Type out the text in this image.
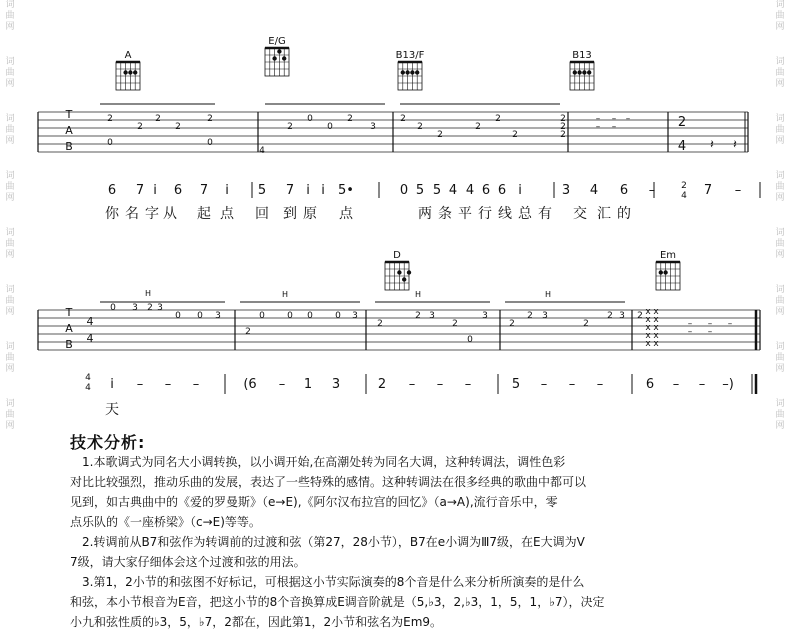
词曲网
词曲网
词曲网
词曲网
词曲网
词曲网
词曲网
词曲网
词曲网
词曲网
词曲网
词曲网
词曲网
词曲网
词曲网
词曲网
T
A
B
T
A
B
4
4
2
4
A
E/G
B13/F	B13
D	Em
2
0
2
2
2
2
0
4
2
0
0
2
3
2
2
2
2
2
2
2
2
2
– – –
– –
𝄽 𝄽
0 3 2 3
0 0 3
2
0 0 0 0 3
2
2 3
2
0
3
2
2 3
2
2 3 2
– – –
– –
H	H	H	H
x x
x x
x x
x x
x x
6 7 i 6 7 i 5 7 i i 5•	0 5 5 4 4 6 6 i	3 4 6 –	7 –
2
4
你 名 字 从 起 点 回 到 原 点	两 条 平 行 线 总 有 交 汇 的
4
4 i – – –	(6 – 1 3	2 – – –	5 – – –	6 – – –)
天
技术分析:
1.本歌调式为同名大小调转换，以小调开始,在高潮处转为同名大调，这种转调法，调性色彩
对比比较强烈，推动乐曲的发展，表达了一些特殊的感情。这种转调法在很多经典的歌曲中都可以
见到，如古典曲中的《爱的罗曼斯》（e→E),《阿尔汉布拉宫的回忆》（a→A),流行音乐中，零
点乐队的《一座桥梁》（c→E)等等。
2.转调前从B7和弦作为转调前的过渡和弦（第27，28小节），B7在e小调为Ⅲ7级，在E大调为Ⅴ
7级，请大家仔细体会这个过渡和弦的用法。
3.第1，2小节的和弦图不好标记，可根据这小节实际演奏的8个音是什么来分析所演奏的是什么
和弦，本小节根音为E音，把这小节的8个音换算成E调音阶就是（5,♭3，2,♭3，1，5，1，♭7），决定
小九和弦性质的♭3，5，♭7，2都在，因此第1，2小节和弦名为Em9。
